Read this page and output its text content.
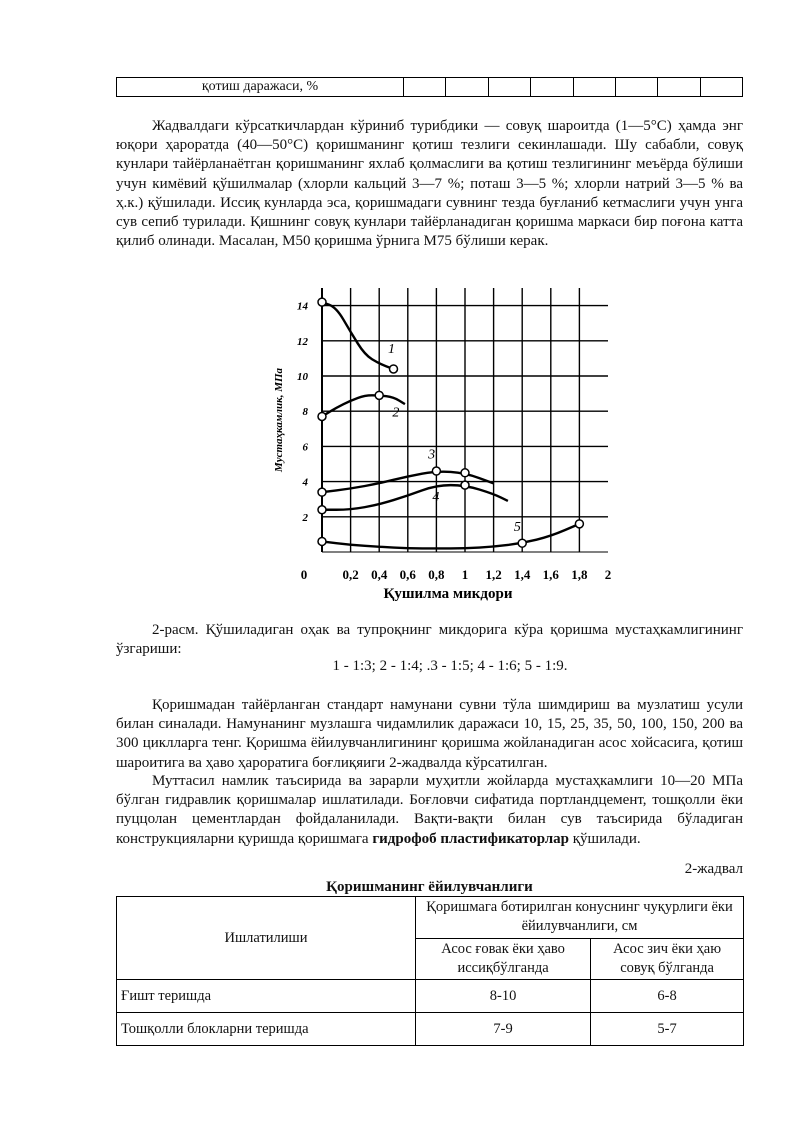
қотиш даражаси, %								
Жадвалдаги кўрсаткичлардан кўриниб турибдики — совуқ шароитда (1—5°С) ҳамда энг юқори ҳароратда (40—50°С) қоришманинг қотиш тезлиги секинлашади. Шу сабабли, совуқ кунлари тайёрланаётган қоришманинг яхлаб қолмаслиги ва қотиш тезлигининг меъёрда бўлиши учун кимёвий қўшилмалар (хлорли кальций 3—7 %; поташ 3—5 %; хлорли натрий 3—5 % ва ҳ.к.) қўшилади. Иссиқ кунларда эса, қоришмадаги сувнинг тезда буғланиб кетмаслиги учун унга сув сепиб турилади. Қишнинг совуқ кунлари тайёрланадиган қоришма маркаси бир поғона катта қилиб олинади. Масалан, М50 қоришма ўрнига М75 бўлиши керак.
2
4
6
8
10
12
14
0	0,2 0,4 0,6 0,8 1 1,2 1,4 1,6 1,8 2
1
2
3
4
5
Мустаҳкамлик, МПа
Қушилма микдори
2-расм. Қўшиладиган оҳак ва тупроқнинг микдорига кўра қоришма мустаҳкамлигининг ўзгариши:
1 - 1:3; 2 - 1:4; .3 - 1:5; 4 - 1:6; 5 - 1:9.
Қоришмадан тайёрланган стандарт намунани сувни тўла шимдириш ва музлатиш усули билан синалади. Намунанинг музлашга чидамлилик даражаси 10, 15, 25, 35, 50, 100, 150, 200 ва 300 циклларга тенг. Қоришма ёйилувчанлигининг қоришма жойланадиган асос хойсасига, қотиш шароитига ва ҳаво ҳароратига боғлиқяиги 2-жадвалда кўрсатилган.
Муттасил намлик таъсирида ва зарарли муҳитли жойларда мустаҳкамлиги 10—20 МПа бўлган гидравлик қоришмалар ишлатилади. Боғловчи сифатида портландцемент, тошқолли ёки пуццолан цементлардан фойдаланилади. Вақти-вақти билан сув таъсирида бўладиган конструкцияларни қуришда қоришмага гидрофоб пластификаторлар қўшилади.
2-жадвал
Қоришманинг ёйилувчанлиги
Ишлатилиши	Қоришмага ботирилган конуснинг чуқурлиги ёки ёйилувчанлиги, см	
	Асос ғовак ёки ҳаво иссиқбўлганда	Асос зич ёки ҳаю совуқ бўлганда
Ғишт теришда	8-10	6-8
Тошқолли блокларни теришда	7-9	5-7
